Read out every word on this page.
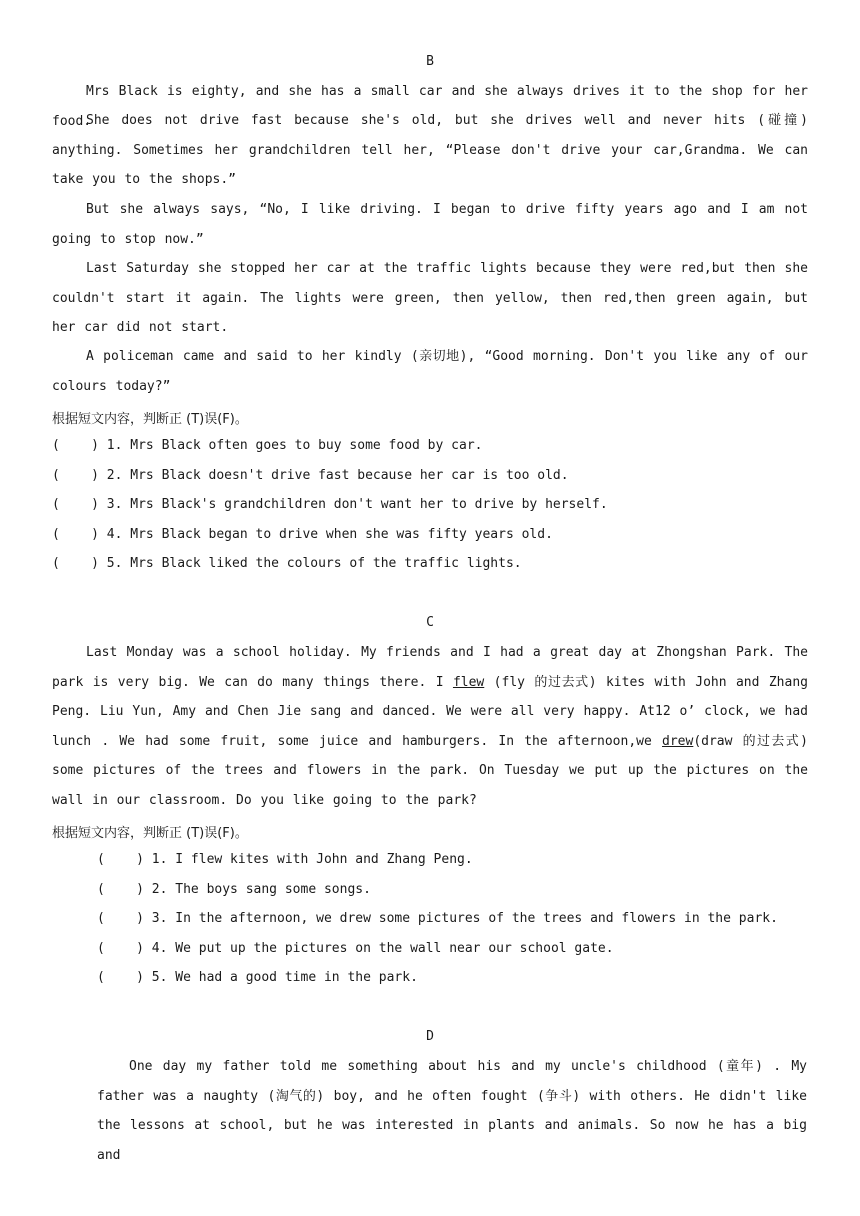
B

Mrs Black is eighty, and she has a small car and she always drives it to the shop for her food.

She does not drive fast because she's old, but she drives well and never hits (碰撞) anything. Sometimes her grandchildren tell her, “Please don't drive your car,Grandma. We can take you to the shops.”

But she always says, “No, I like driving. I began to drive fifty years ago and I am not going to stop now.”

Last Saturday she stopped her car at the traffic lights because they were red,but then she couldn't start it again. The lights were green, then yellow, then red,then green again, but her car did not start.

A policeman came and said to her kindly (亲切地), “Good morning. Don't you like any of our colours today?”

根据短文内容，判断正 (T)误(F)。
(    ) 1. Mrs Black often goes to buy some food by car.
(    ) 2. Mrs Black doesn't drive fast because her car is too old.
(    ) 3. Mrs Black's grandchildren don't want her to drive by herself.
(    ) 4. Mrs Black began to drive when she was fifty years old.
(    ) 5. Mrs Black liked the colours of the traffic lights.
C

Last Monday was a school holiday. My friends and I had a great day at Zhongshan Park. The park is very big. We can do many things there. I flew (fly 的过去式) kites with John and Zhang Peng. Liu Yun, Amy and Chen Jie sang and danced. We were all very happy. At12 o’ clock, we had lunch . We had some fruit, some juice and hamburgers. In the afternoon,we drew(draw 的过去式) some pictures of the trees and flowers in the park. On Tuesday we put up the pictures on the wall in our classroom. Do you like going to the park?

根据短文内容，判断正 (T)误(F)。
(    ) 1. I flew kites with John and Zhang Peng.
(    ) 2. The boys sang some songs.
(    ) 3. In the afternoon, we drew some pictures of the trees and flowers in the park.
(    ) 4. We put up the pictures on the wall near our school gate.
(    ) 5. We had a good time in the park.
D

One day my father told me something about his and my uncle's childhood (童年) . My father was a naughty (淘气的) boy, and he often fought (争斗) with others. He didn't like the lessons at school, but he was interested in plants and animals. So now he has a big and
